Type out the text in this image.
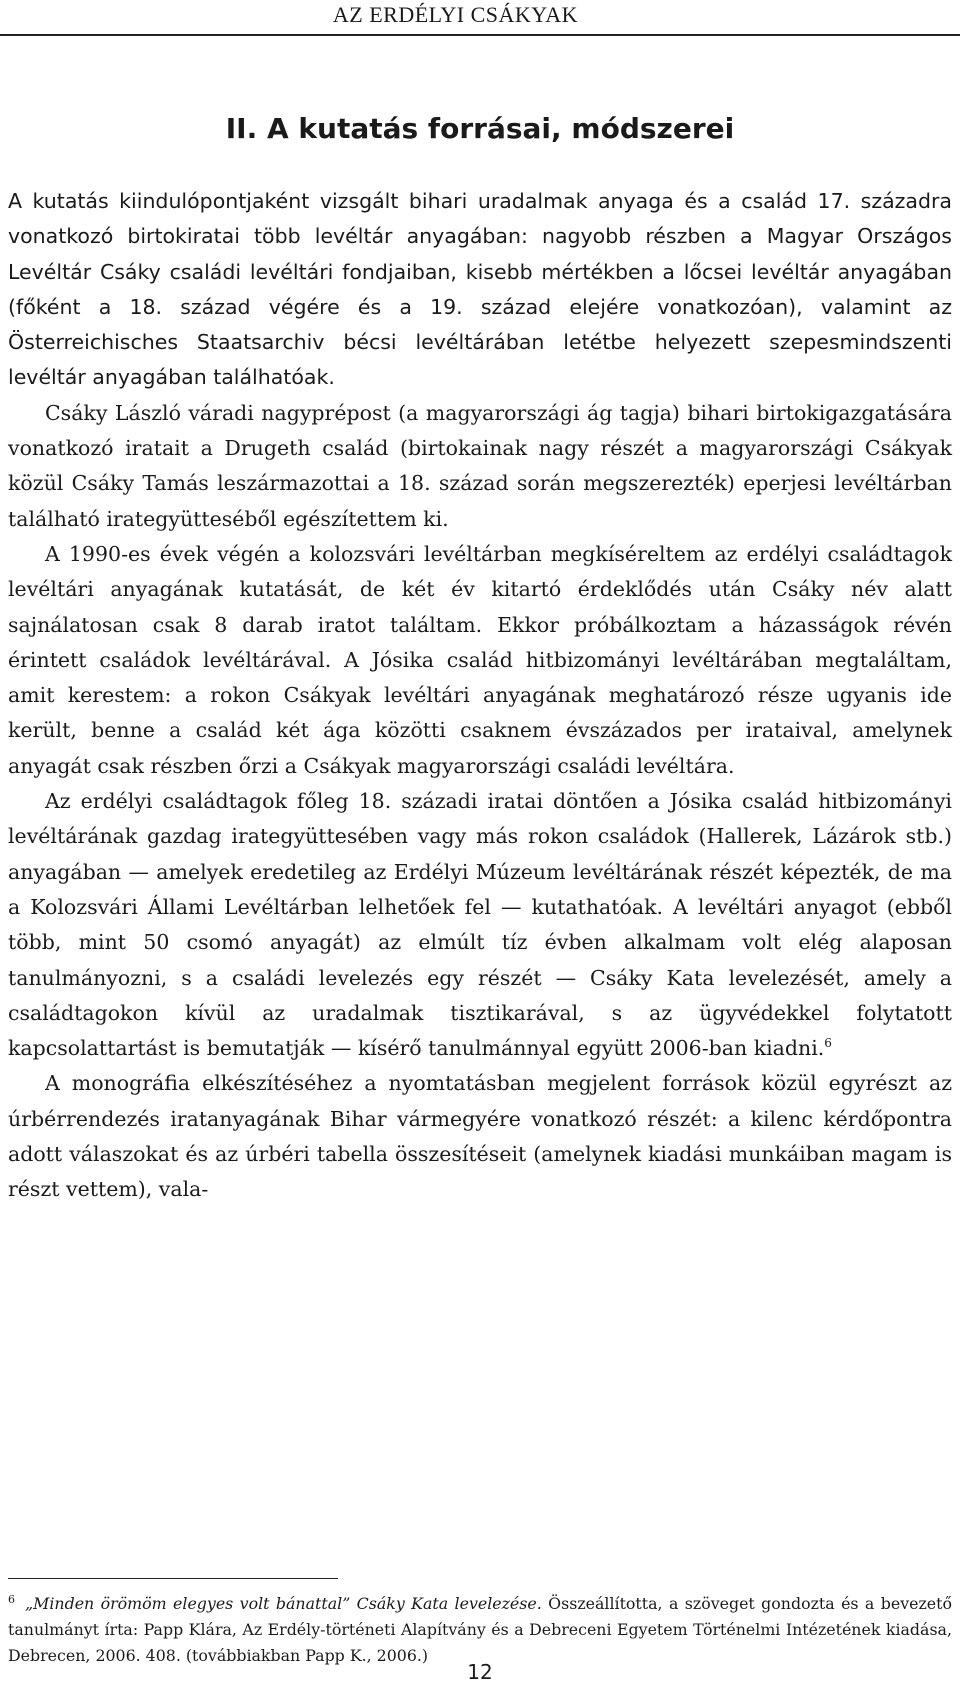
AZ ERDÉLYI CSÁKYAK
II. A kutatás forrásai, módszerei

A kutatás kiindulópontjaként vizsgált bihari uradalmak anyaga és a család 17. századra vonatkozó birtokiratai több levéltár anyagában: nagyobb részben a Magyar Országos Levéltár Csáky családi levéltári fondjaiban, kisebb mértékben a lőcsei levéltár anyagában (főként a 18. század végére és a 19. század elejére vonatkozóan), valamint az Österreichisches Staatsarchiv bécsi levéltárában letétbe helyezett szepesmindszenti levéltár anyagában találhatóak.

Csáky László váradi nagyprépost (a magyarországi ág tagja) bihari birtokigazgatására vonatkozó iratait a Drugeth család (birtokainak nagy részét a magyarországi Csákyak közül Csáky Tamás leszármazottai a 18. század során megszerezték) eperjesi levéltárban található irategyütteséből egészítettem ki.

A 1990-es évek végén a kolozsvári levéltárban megkíséreltem az erdélyi családtagok levéltári anyagának kutatását, de két év kitartó érdeklődés után Csáky név alatt sajnálatosan csak 8 darab iratot találtam. Ekkor próbálkoztam a házasságok révén érintett családok levéltárával. A Jósika család hitbizományi levéltárában megtaláltam, amit kerestem: a rokon Csákyak levéltári anyagának meghatározó része ugyanis ide került, benne a család két ága közötti csaknem évszázados per irataival, amelynek anyagát csak részben őrzi a Csákyak magyarországi családi levéltára.

Az erdélyi családtagok főleg 18. századi iratai döntően a Jósika család hitbizományi levéltárának gazdag irategyüttesében vagy más rokon családok (Hallerek, Lázárok stb.) anyagában — amelyek eredetileg az Erdélyi Múzeum levéltárának részét képezték, de ma a Kolozsvári Állami Levéltárban lelhetőek fel — kutathatóak. A levéltári anyagot (ebből több, mint 50 csomó anyagát) az elmúlt tíz évben alkalmam volt elég alaposan tanulmányozni, s a családi levelezés egy részét — Csáky Kata levelezését, amely a családtagokon kívül az uradalmak tisztikarával, s az ügyvédekkel folytatott kapcsolattartást is bemutatják — kísérő tanulmánnyal együtt 2006-ban kiadni.$^6$

A monográfia elkészítéséhez a nyomtatásban megjelent források közül egyrészt az úrbérrendezés iratanyagának Bihar vármegyére vonatkozó részét: a kilenc kérdőpontra adott válaszokat és az úrbéri tabella összesítéseit (amelynek kiadási munkáiban magam is részt vettem), vala-

$^6$ „Minden örömöm elegyes volt bánattal” Csáky Kata levelezése. Összeállította, a szöveget gondozta és a bevezető tanulmányt írta: Papp Klára, Az Erdély-történeti Alapítvány és a Debreceni Egyetem Történelmi Intézetének kiadása, Debrecen, 2006. 408. (továbbiakban Papp K., 2006.)
12
